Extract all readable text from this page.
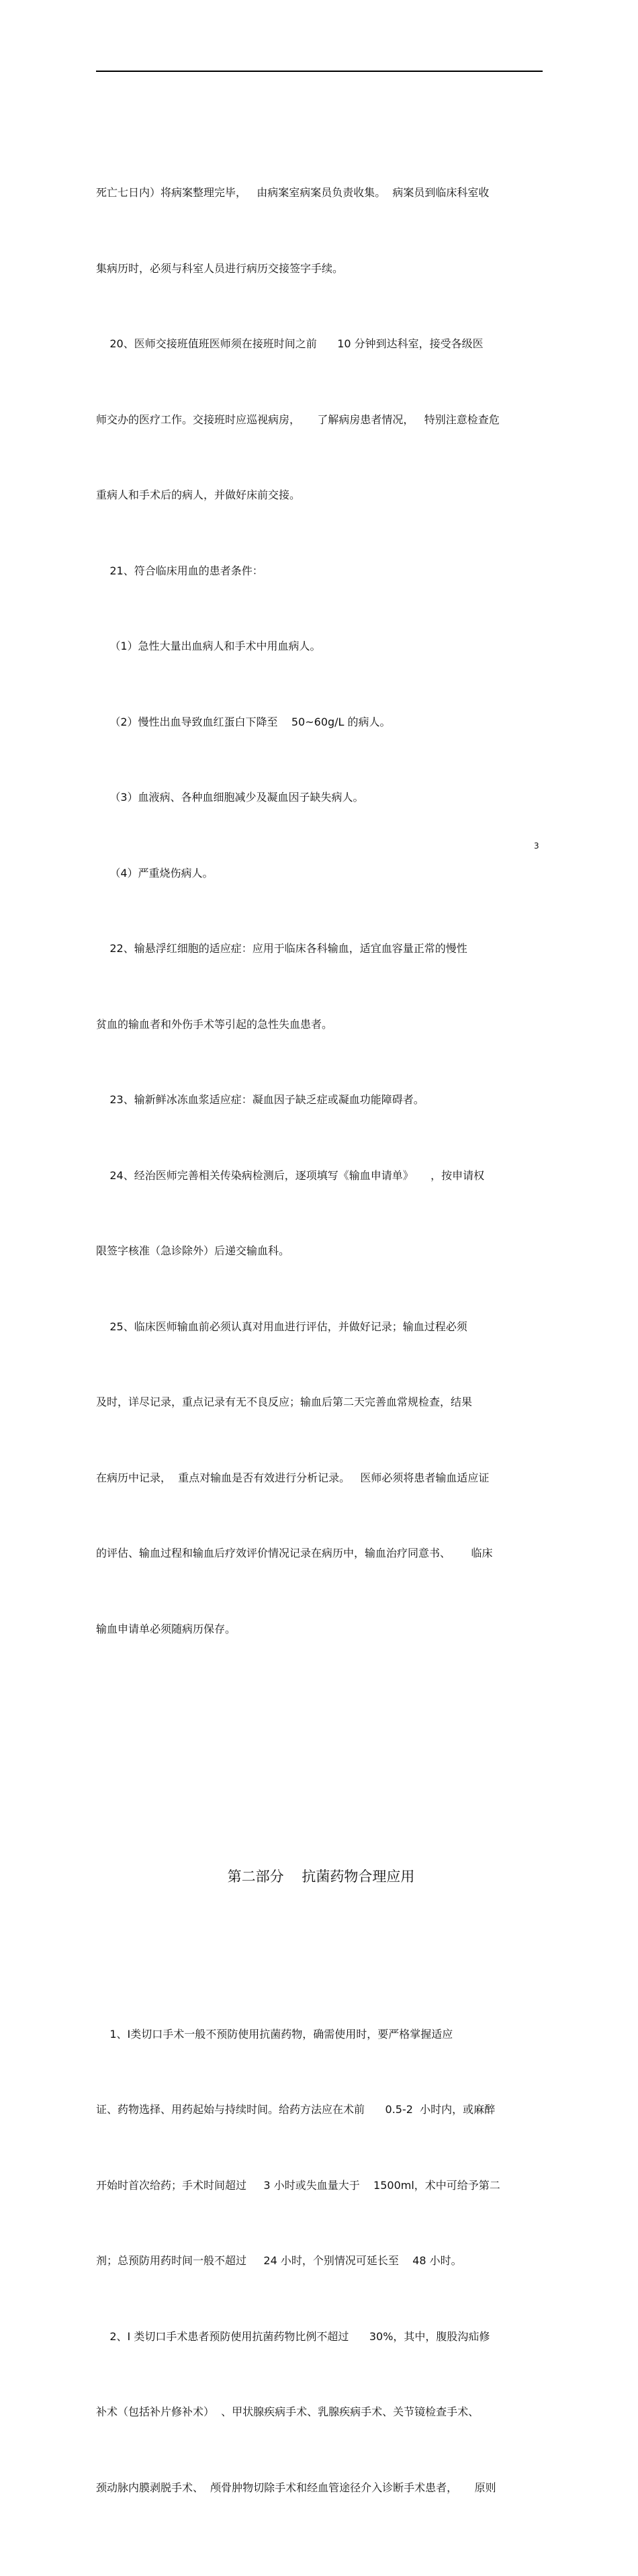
死亡七日内）将病案整理完毕，   由病案室病案员负责收集。  病案员到临床科室收

集病历时，必须与科室人员进行病历交接签字手续。

20、医师交接班值班医师须在接班时间之前      10 分钟到达科室，接受各级医

师交办的医疗工作。交接班时应巡视病房，     了解病房患者情况，   特别注意检查危

重病人和手术后的病人，并做好床前交接。

21、符合临床用血的患者条件：

（1）急性大量出血病人和手术中用血病人。

（2）慢性出血导致血红蛋白下降至    50~60g/L 的病人。

（3）血液病、各种血细胞减少及凝血因子缺失病人。

（4）严重烧伤病人。

22、输悬浮红细胞的适应症：应用于临床各科输血，适宜血容量正常的慢性

贫血的输血者和外伤手术等引起的急性失血患者。

23、输新鲜冰冻血浆适应症：凝血因子缺乏症或凝血功能障碍者。

24、经治医师完善相关传染病检测后，逐项填写《输血申请单》     ，按申请权

限签字核准（急诊除外）后递交输血科。

25、临床医师输血前必须认真对用血进行评估，并做好记录；输血过程必须

及时，详尽记录，重点记录有无不良反应；输血后第二天完善血常规检查，结果

在病历中记录，  重点对输血是否有效进行分析记录。   医师必须将患者输血适应证

的评估、输血过程和输血后疗效评价情况记录在病历中，输血治疗同意书、      临床

输血申请单必须随病历保存。

第二部分    抗菌药物合理应用

1、Ⅰ类切口手术一般不预防使用抗菌药物，确需使用时，要严格掌握适应

证、药物选择、用药起始与持续时间。给药方法应在术前      0.5-2  小时内，或麻醉

开始时首次给药；手术时间超过     3 小时或失血量大于    1500ml，术中可给予第二

剂；总预防用药时间一般不超过     24 小时，个别情况可延长至    48 小时。

2、I 类切口手术患者预防使用抗菌药物比例不超过      30%，其中，腹股沟疝修

补术（包括补片修补术）  、甲状腺疾病手术、乳腺疾病手术、关节镜检查手术、

颈动脉内膜剥脱手术、  颅骨肿物切除手术和经血管途径介入诊断手术患者，     原则

3
